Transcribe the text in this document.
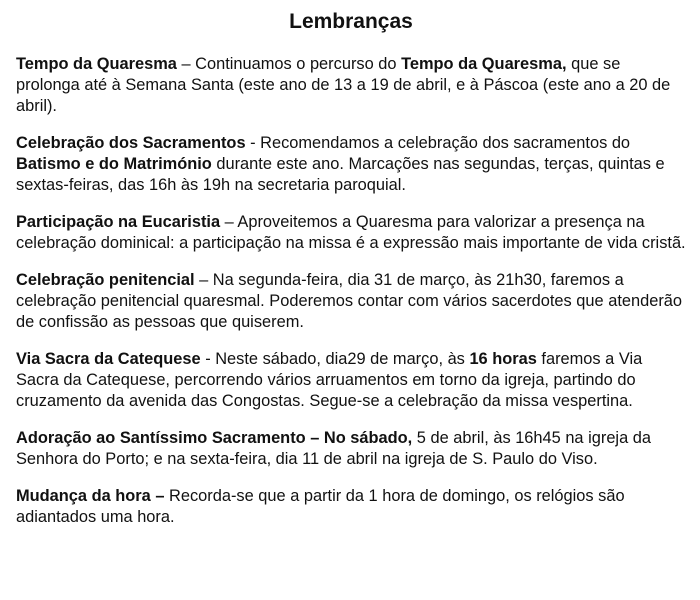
Lembranças

Tempo da Quaresma – Continuamos o percurso do Tempo da Quaresma, que se prolonga até à Semana Santa (este ano de 13 a 19 de abril, e à Páscoa (este ano a 20 de abril).

Celebração dos Sacramentos - Recomendamos a celebração dos sacramentos do Batismo e do Matrimónio durante este ano. Marcações nas segundas, terças, quintas e sextas-feiras, das 16h às 19h na secretaria paroquial.

Participação na Eucaristia – Aproveitemos a Quaresma para valorizar a presença na celebração dominical: a participação na missa é a expressão mais importante de vida cristã.

Celebração penitencial – Na segunda-feira, dia 31 de março, às 21h30, faremos a celebração penitencial quaresmal. Poderemos contar com vários sacerdotes que atenderão de confissão as pessoas que quiserem.

Via Sacra da Catequese - Neste sábado, dia29 de março, às 16 horas faremos a Via Sacra da Catequese, percorrendo vários arruamentos em torno da igreja, partindo do cruzamento da avenida das Congostas. Segue-se a celebração da missa vespertina.

Adoração ao Santíssimo Sacramento – No sábado, 5 de abril, às 16h45 na igreja da Senhora do Porto; e na sexta-feira, dia 11 de abril na igreja de S. Paulo do Viso.

Mudança da hora – Recorda-se que a partir da 1 hora de domingo, os relógios são adiantados uma hora.
